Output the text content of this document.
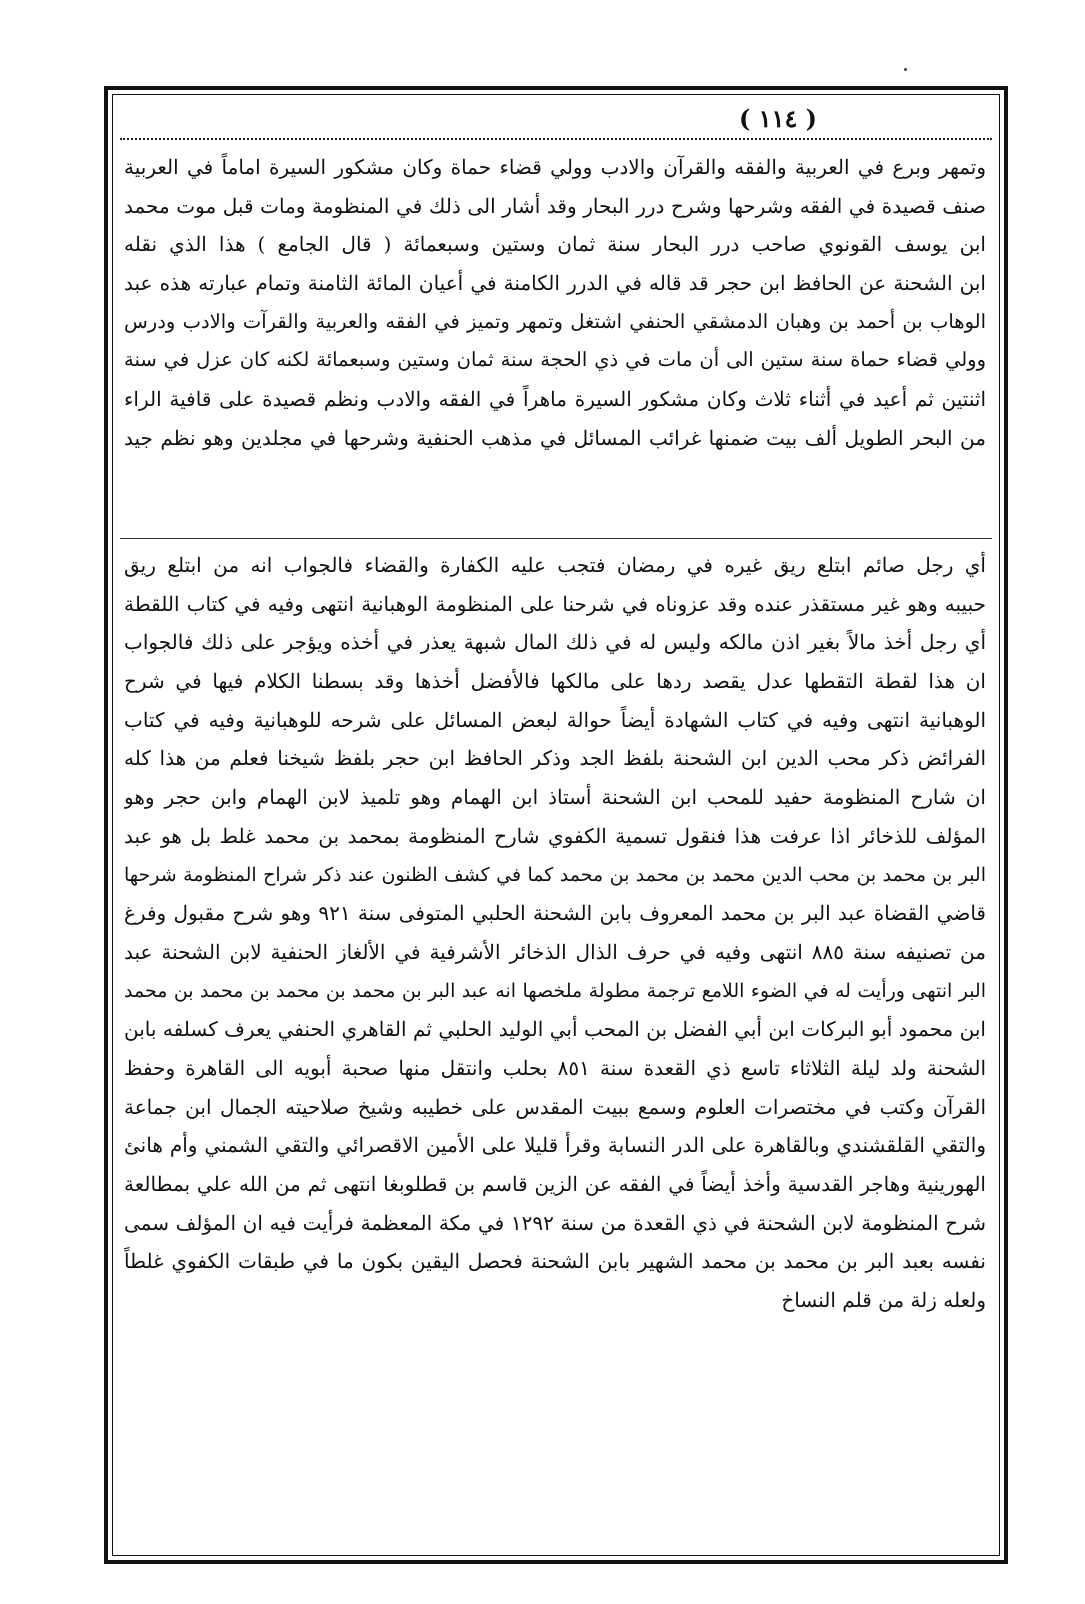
( ١١٤ )
وتمهر وبرع في العربية والفقه والقرآن والادب وولي قضاء حماة وكان مشكور السيرة اماماً في العربية
صنف قصيدة في الفقه وشرحها وشرح درر البحار وقد أشار الى ذلك في المنظومة ومات قبل موت محمد
ابن يوسف القونوي صاحب درر البحار سنة ثمان وستين وسبعمائة ( قال الجامع ) هذا الذي نقله
ابن الشحنة عن الحافظ ابن حجر قد قاله في الدرر الكامنة في أعيان المائة الثامنة وتمام عبارته هذه عبد
الوهاب بن أحمد بن وهبان الدمشقي الحنفي اشتغل وتمهر وتميز في الفقه والعربية والقرآت والادب ودرس
وولي قضاء حماة سنة ستين الى أن مات في ذي الحجة سنة ثمان وستين وسبعمائة لكنه كان عزل في سنة
اثنتين ثم أعيد في أثناء ثلاث وكان مشكور السيرة ماهراً في الفقه والادب ونظم قصيدة على قافية الراء
من البحر الطويل ألف بيت ضمنها غرائب المسائل في مذهب الحنفية وشرحها في مجلدين وهو نظم جيد
أي رجل صائم ابتلع ريق غيره في رمضان فتجب عليه الكفارة والقضاء فالجواب انه من ابتلع ريق
حبيبه وهو غير مستقذر عنده وقد عزوناه في شرحنا على المنظومة الوهبانية انتهى وفيه في كتاب اللقطة
أي رجل أخذ مالاً بغير اذن مالكه وليس له في ذلك المال شبهة يعذر في أخذه ويؤجر على ذلك فالجواب
ان هذا لقطة التقطها عدل يقصد ردها على مالكها فالأفضل أخذها وقد بسطنا الكلام فيها في شرح
الوهبانية انتهى وفيه في كتاب الشهادة أيضاً حوالة لبعض المسائل على شرحه للوهبانية وفيه في كتاب
الفرائض ذكر محب الدين ابن الشحنة بلفظ الجد وذكر الحافظ ابن حجر بلفظ شيخنا فعلم من هذا كله
ان شارح المنظومة حفيد للمحب ابن الشحنة أستاذ ابن الهمام وهو تلميذ لابن الهمام وابن حجر وهو
المؤلف للذخائر اذا عرفت هذا فنقول تسمية الكفوي شارح المنظومة بمحمد بن محمد غلط بل هو عبد
البر بن محمد بن محب الدين محمد بن محمد بن محمد كما في كشف الظنون عند ذكر شراح المنظومة شرحها
قاضي القضاة عبد البر بن محمد المعروف بابن الشحنة الحلبي المتوفى سنة ٩٢١ وهو شرح مقبول وفرغ
من تصنيفه سنة ٨٨٥ انتهى وفيه في حرف الذال الذخائر الأشرفية في الألغاز الحنفية لابن الشحنة عبد
البر انتهى ورأيت له في الضوء اللامع ترجمة مطولة ملخصها انه عبد البر بن محمد بن محمد بن محمد بن محمد
ابن محمود أبو البركات ابن أبي الفضل بن المحب أبي الوليد الحلبي ثم القاهري الحنفي يعرف كسلفه بابن
الشحنة ولد ليلة الثلاثاء تاسع ذي القعدة سنة ٨٥١ بحلب وانتقل منها صحبة أبويه الى القاهرة وحفظ
القرآن وكتب في مختصرات العلوم وسمع ببيت المقدس على خطيبه وشيخ صلاحيته الجمال ابن جماعة
والتقي القلقشندي وبالقاهرة على الدر النسابة وقرأ قليلا على الأمين الاقصرائي والتقي الشمني وأم هانئ
الهورينية وهاجر القدسية وأخذ أيضاً في الفقه عن الزين قاسم بن قطلوبغا انتهى ثم من الله علي بمطالعة
شرح المنظومة لابن الشحنة في ذي القعدة من سنة ١٢٩٢ في مكة المعظمة فرأيت فيه ان المؤلف سمى
نفسه بعبد البر بن محمد بن محمد الشهير بابن الشحنة فحصل اليقين بكون ما في طبقات الكفوي غلطاً
ولعله زلة من قلم النساخ
